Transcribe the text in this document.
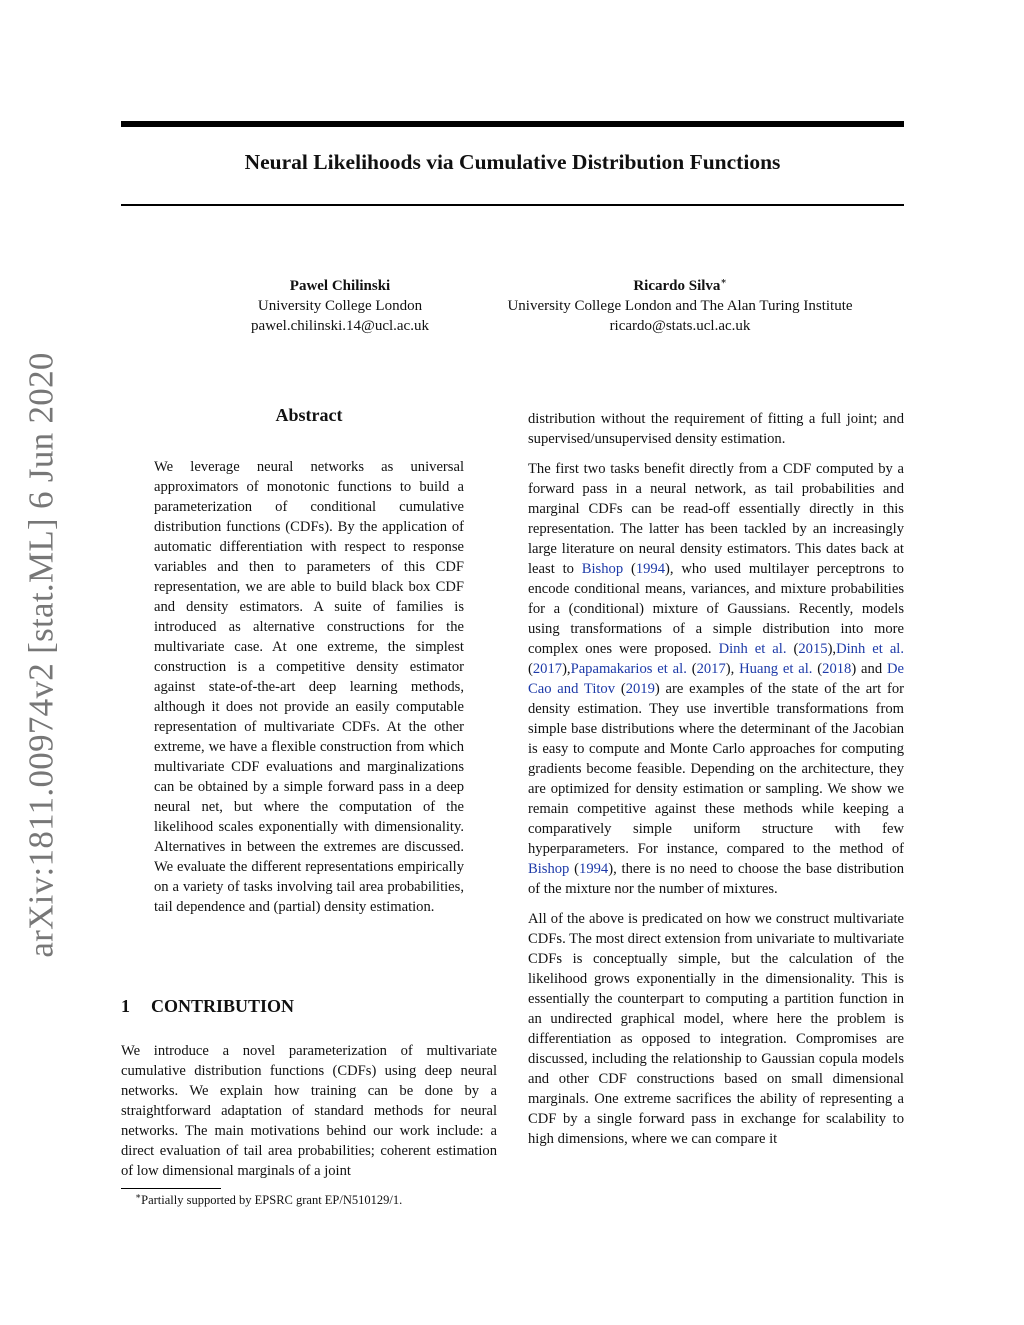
Neural Likelihoods via Cumulative Distribution Functions
Pawel Chilinski
University College London
pawel.chilinski.14@ucl.ac.uk
Ricardo Silva∗
University College London and The Alan Turing Institute
ricardo@stats.ucl.ac.uk
arXiv:1811.00974v2 [stat.ML] 6 Jun 2020	Abstract
We leverage neural networks as universal approximators of monotonic functions to build a parameterization of conditional cumulative distribution functions (CDFs). By the application of automatic differentiation with respect to response variables and then to parameters of this CDF representation, we are able to build black box CDF and density estimators. A suite of families is introduced as alternative constructions for the multivariate case. At one extreme, the simplest construction is a competitive density estimator against state-of-the-art deep learning methods, although it does not provide an easily computable representation of multivariate CDFs. At the other extreme, we have a flexible construction from which multivariate CDF evaluations and marginalizations can be obtained by a simple forward pass in a deep neural net, but where the computation of the likelihood scales exponentially with dimensionality. Alternatives in between the extremes are discussed. We evaluate the different representations empirically on a variety of tasks involving tail area probabilities, tail dependence and (partial) density estimation.
1 CONTRIBUTION
We introduce a novel parameterization of multivariate cumulative distribution functions (CDFs) using deep neural networks. We explain how training can be done by a straightforward adaptation of standard methods for neural networks. The main motivations behind our work include: a direct evaluation of tail area probabilities; coherent estimation of low dimensional marginals of a joint
∗Partially supported by EPSRC grant EP/N510129/1.

distribution without the requirement of fitting a full joint; and supervised/unsupervised density estimation.

The first two tasks benefit directly from a CDF computed by a forward pass in a neural network, as tail probabilities and marginal CDFs can be read-off essentially directly in this representation. The latter has been tackled by an increasingly large literature on neural density estimators. This dates back at least to Bishop (1994), who used multilayer perceptrons to encode conditional means, variances, and mixture probabilities for a (conditional) mixture of Gaussians. Recently, models using transformations of a simple distribution into more complex ones were proposed. Dinh et al. (2015),Dinh et al. (2017),Papamakarios et al. (2017), Huang et al. (2018) and De Cao and Titov (2019) are examples of the state of the art for density estimation. They use invertible transformations from simple base distributions where the determinant of the Jacobian is easy to compute and Monte Carlo approaches for computing gradients become feasible. Depending on the architecture, they are optimized for density estimation or sampling. We show we remain competitive against these methods while keeping a comparatively simple uniform structure with few hyperparameters. For instance, compared to the method of Bishop (1994), there is no need to choose the base distribution of the mixture nor the number of mixtures.

All of the above is predicated on how we construct multivariate CDFs. The most direct extension from univariate to multivariate CDFs is conceptually simple, but the calculation of the likelihood grows exponentially in the dimensionality. This is essentially the counterpart to computing a partition function in an undirected graphical model, where here the problem is differentiation as opposed to integration. Compromises are discussed, including the relationship to Gaussian copula models and other CDF constructions based on small dimensional marginals. One extreme sacrifices the ability of representing a CDF by a single forward pass in exchange for scalability to high dimensions, where we can compare it
